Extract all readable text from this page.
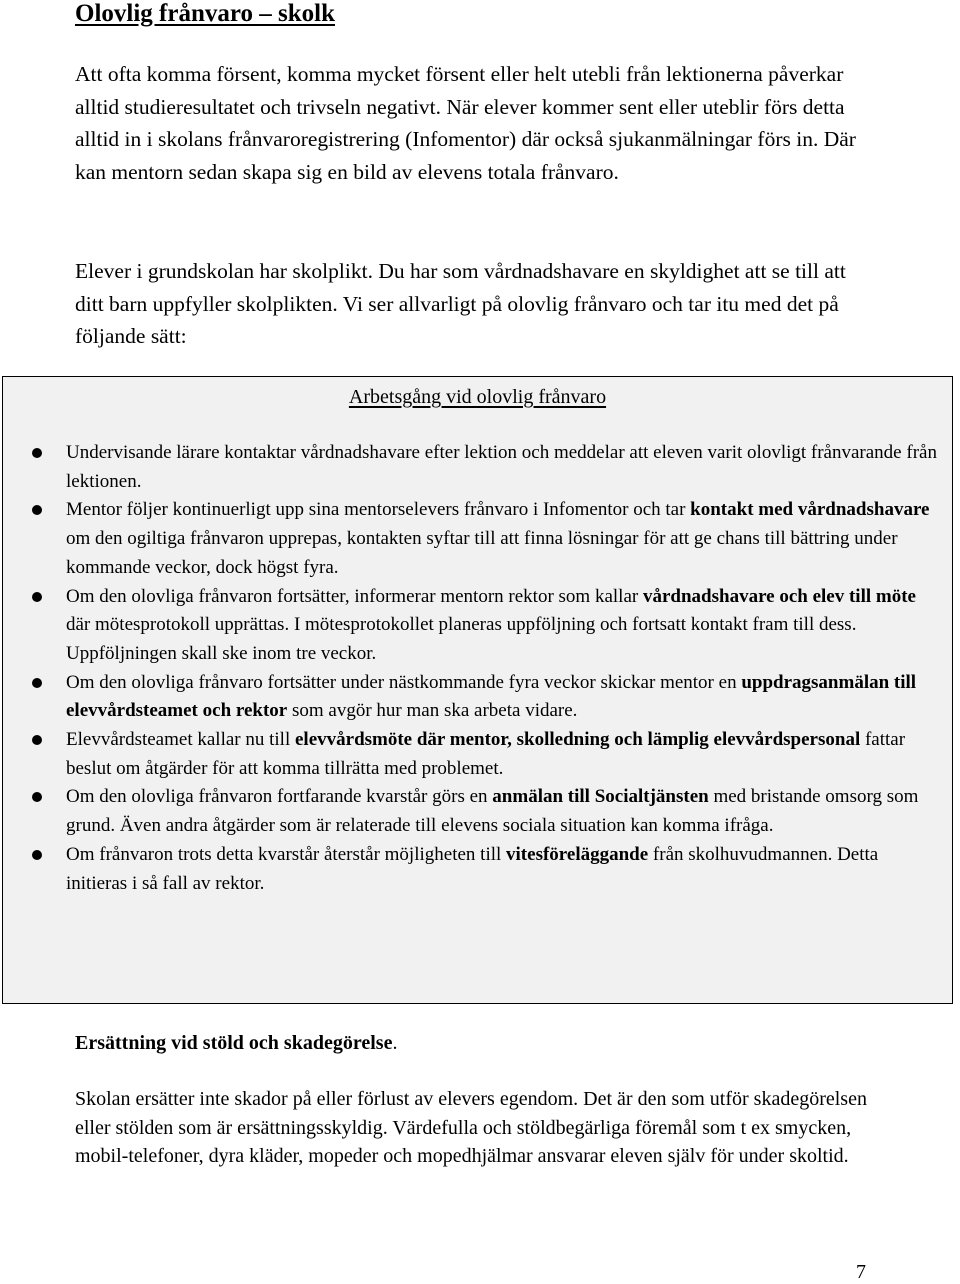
Olovlig frånvaro – skolk

Att ofta komma försent, komma mycket försent eller helt utebli från lektionerna påverkar alltid studieresultatet och trivseln negativt. När elever kommer sent eller uteblir förs detta alltid in i skolans frånvaroregistrering (Infomentor) där också sjukanmälningar förs in. Där kan mentorn sedan skapa sig en bild av elevens totala frånvaro.

Elever i grundskolan har skolplikt. Du har som vårdnadshavare en skyldighet att se till att ditt barn uppfyller skolplikten. Vi ser allvarligt på olovlig frånvaro och tar itu med det på följande sätt:

Arbetsgång vid olovlig frånvaro

Undervisande lärare kontaktar vårdnadshavare efter lektion och meddelar att eleven varit olovligt frånvarande från lektionen.
Mentor följer kontinuerligt upp sina mentorselevers frånvaro i Infomentor och tar kontakt med vårdnadshavare om den ogiltiga frånvaron upprepas, kontakten syftar till att finna lösningar för att ge chans till bättring under kommande veckor, dock högst fyra.
Om den olovliga frånvaron fortsätter, informerar mentorn rektor som kallar vårdnadshavare och elev till möte där mötesprotokoll upprättas. I mötesprotokollet planeras uppföljning och fortsatt kontakt fram till dess. Uppföljningen skall ske inom tre veckor.
Om den olovliga frånvaro fortsätter under nästkommande fyra veckor skickar mentor en uppdragsanmälan till elevvårdsteamet och rektor som avgör hur man ska arbeta vidare.
Elevvårdsteamet kallar nu till elevvårdsmöte där mentor, skolledning och lämplig elevvårdspersonal fattar beslut om åtgärder för att komma tillrätta med problemet.
Om den olovliga frånvaron fortfarande kvarstår görs en anmälan till Socialtjänsten med bristande omsorg som grund. Även andra åtgärder som är relaterade till elevens sociala situation kan komma ifråga.
Om frånvaron trots detta kvarstår återstår möjligheten till vitesföreläggande från skolhuvudmannen. Detta initieras i så fall av rektor.

Ersättning vid stöld och skadegörelse.

Skolan ersätter inte skador på eller förlust av elevers egendom. Det är den som utför skadegörelsen eller stölden som är ersättningsskyldig. Värdefulla och stöldbegärliga föremål som t ex smycken, mobil-telefoner, dyra kläder, mopeder och mopedhjälmar ansvarar eleven själv för under skoltid.

7
